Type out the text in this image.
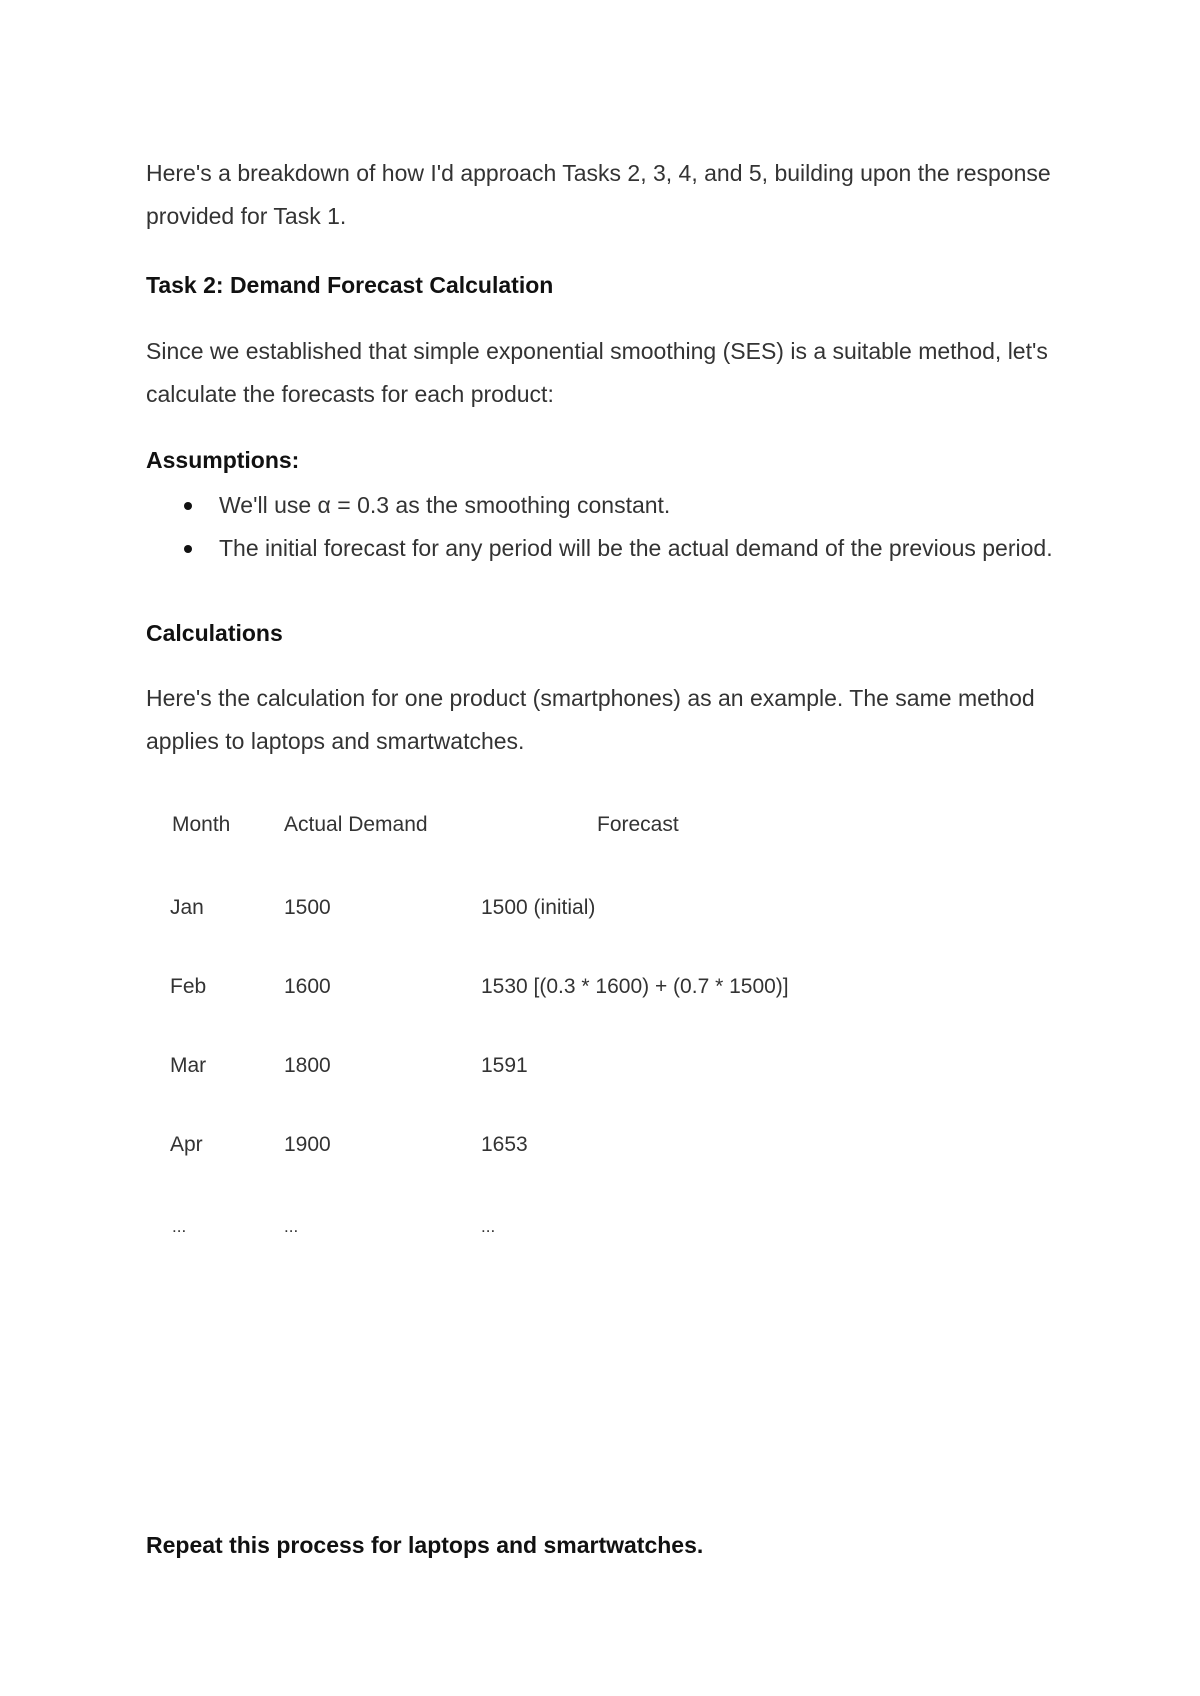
Here's a breakdown of how I'd approach Tasks 2, 3, 4, and 5, building upon the response provided for Task 1.
Task 2: Demand Forecast Calculation
Since we established that simple exponential smoothing (SES) is a suitable method, let's calculate the forecasts for each product:
Assumptions:
We'll use α = 0.3 as the smoothing constant.
The initial forecast for any period will be the actual demand of the previous period.
Calculations
Here's the calculation for one product (smartphones) as an example. The same method applies to laptops and smartwatches.
Month	Actual Demand	Forecast
Jan	1500	1500 (initial)
Feb	1600	1530 [(0.3 * 1600) + (0.7 * 1500)]
Mar	1800	1591
Apr	1900	1653
...	...	...
Repeat this process for laptops and smartwatches.
